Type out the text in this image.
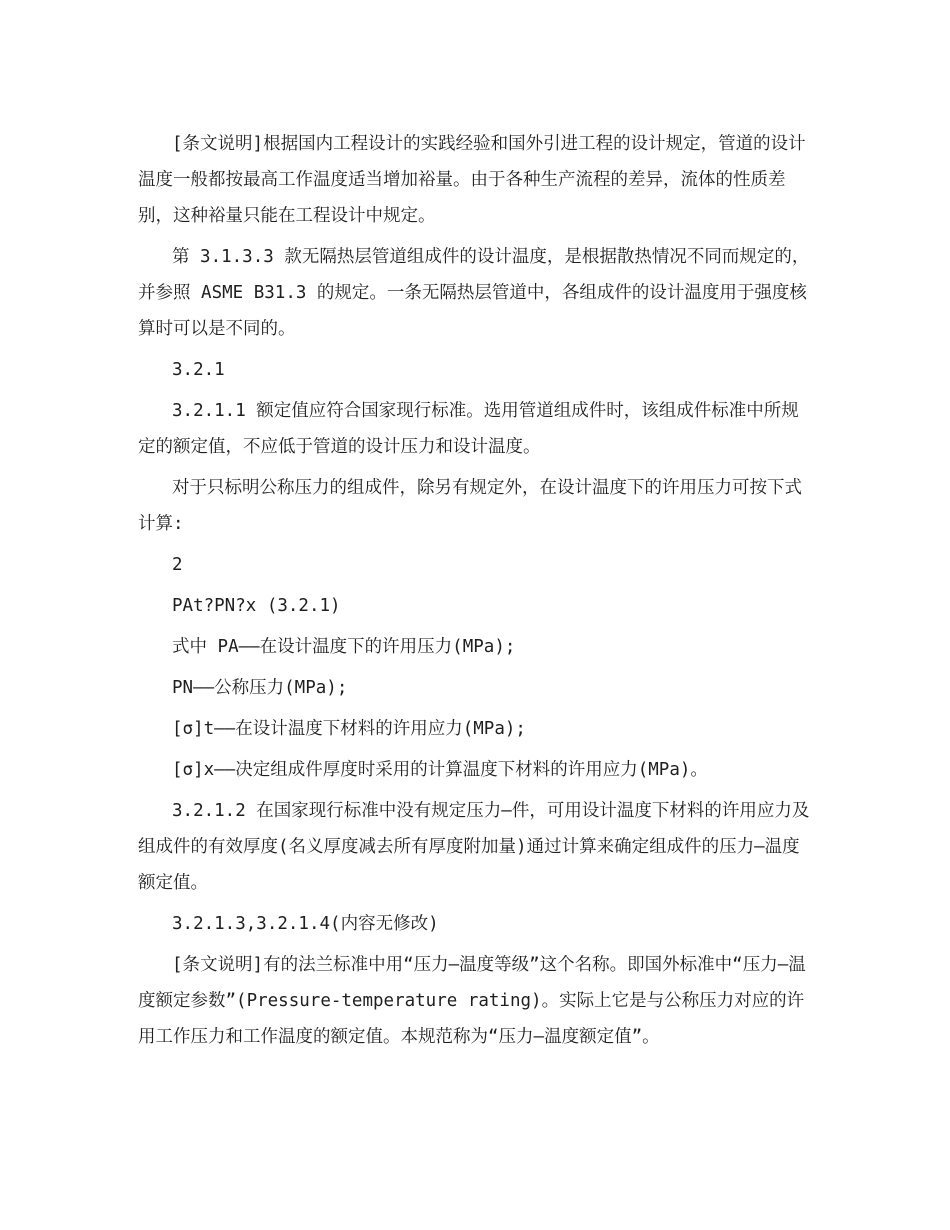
[条文说明]根据国内工程设计的实践经验和国外引进工程的设计规定，管道的设计温度一般都按最高工作温度适当增加裕量。由于各种生产流程的差异，流体的性质差别，这种裕量只能在工程设计中规定。

第 3.1.3.3 款无隔热层管道组成件的设计温度，是根据散热情况不同而规定的，并参照 ASME B31.3 的规定。一条无隔热层管道中，各组成件的设计温度用于强度核算时可以是不同的。

3.2.1

3.2.1.1 额定值应符合国家现行标准。选用管道组成件时，该组成件标准中所规定的额定值，不应低于管道的设计压力和设计温度。

对于只标明公称压力的组成件，除另有规定外，在设计温度下的许用压力可按下式计算:

2

PAt?PN?x (3.2.1)

式中 PA——在设计温度下的许用压力(MPa);

PN——公称压力(MPa);

[σ]t——在设计温度下材料的许用应力(MPa);

[σ]x——决定组成件厚度时采用的计算温度下材料的许用应力(MPa)。

3.2.1.2 在国家现行标准中没有规定压力—件，可用设计温度下材料的许用应力及组成件的有效厚度(名义厚度减去所有厚度附加量)通过计算来确定组成件的压力—温度额定值。

3.2.1.3,3.2.1.4(内容无修改)

[条文说明]有的法兰标准中用“压力—温度等级”这个名称。即国外标准中“压力—温度额定参数”(Pressure-temperature rating)。实际上它是与公称压力对应的许用工作压力和工作温度的额定值。本规范称为“压力—温度额定值”。
